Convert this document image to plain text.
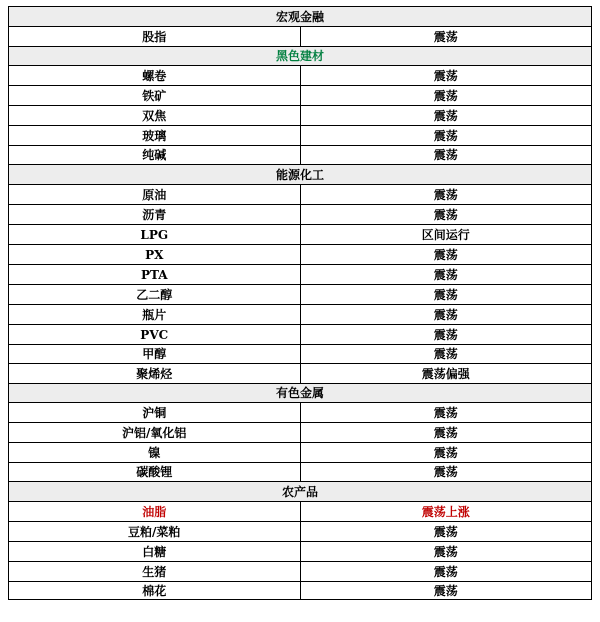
宏观金融	
股指	震荡
黑色建材	
螺卷	震荡
铁矿	震荡
双焦	震荡
玻璃	震荡
纯碱	震荡
能源化工	
原油	震荡
沥青	震荡
LPG	区间运行
PX	震荡
PTA	震荡
乙二醇	震荡
瓶片	震荡
PVC	震荡
甲醇	震荡
聚烯烃	震荡偏强
有色金属	
沪铜	震荡
沪铝/氧化铝	震荡
镍	震荡
碳酸锂	震荡
农产品	
油脂	震荡上涨
豆粕/菜粕	震荡
白糖	震荡
生猪	震荡
棉花	震荡
